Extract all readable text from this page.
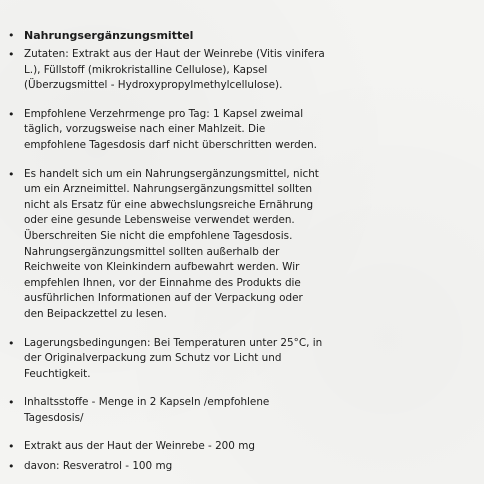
• Nahrungsergänzungsmittel
• Zutaten: Extrakt aus der Haut der Weinrebe (Vitis vinifera
L.), Füllstoff (mikrokristalline Cellulose), Kapsel
(Überzugsmittel - Hydroxypropylmethylcellulose).

• Empfohlene Verzehrmenge pro Tag: 1 Kapsel zweimal
täglich, vorzugsweise nach einer Mahlzeit. Die
empfohlene Tagesdosis darf nicht überschritten werden.

• Es handelt sich um ein Nahrungsergänzungsmittel, nicht
um ein Arzneimittel. Nahrungsergänzungsmittel sollten
nicht als Ersatz für eine abwechslungsreiche Ernährung
oder eine gesunde Lebensweise verwendet werden.
Überschreiten Sie nicht die empfohlene Tagesdosis.
Nahrungsergänzungsmittel sollten außerhalb der
Reichweite von Kleinkindern aufbewahrt werden. Wir
empfehlen Ihnen, vor der Einnahme des Produkts die
ausführlichen Informationen auf der Verpackung oder
den Beipackzettel zu lesen.

• Lagerungsbedingungen: Bei Temperaturen unter 25°C, in
der Originalverpackung zum Schutz vor Licht und
Feuchtigkeit.

• Inhaltsstoffe - Menge in 2 Kapseln /empfohlene
Tagesdosis/

• Extrakt aus der Haut der Weinrebe - 200 mg

• davon: Resveratrol - 100 mg
